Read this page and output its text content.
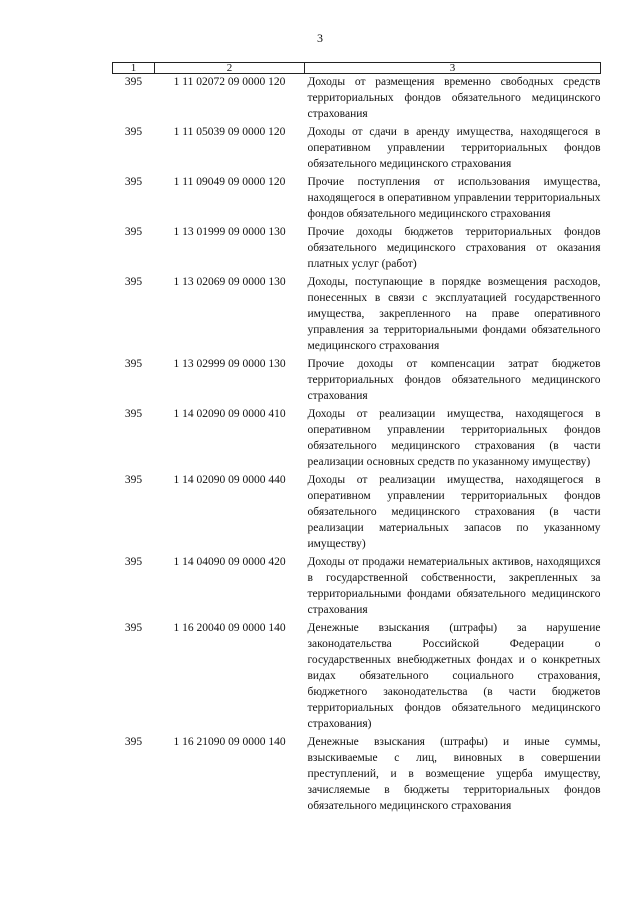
3
1	2	3

395	1 11 02072 09 0000 120	Доходы от размещения временно свободных средств территориальных фондов обязательного медицинского страхования

395	1 11 05039 09 0000 120	Доходы от сдачи в аренду имущества, находящегося в оперативном управлении территориальных фондов обязательного медицинского страхования

395	1 11 09049 09 0000 120	Прочие поступления от использования имущества, находящегося в оперативном управлении территориальных фондов обязательного медицинского страхования

395	1 13 01999 09 0000 130	Прочие доходы бюджетов территориальных фондов обязательного медицинского страхования от оказания платных услуг (работ)

395	1 13 02069 09 0000 130	Доходы, поступающие в порядке возмещения расходов, понесенных в связи с эксплуатацией государственного имущества, закрепленного на праве оперативного управления за территориальными фондами обязательного медицинского страхования

395	1 13 02999 09 0000 130	Прочие доходы от компенсации затрат бюджетов территориальных фондов обязательного медицинского страхования

395	1 14 02090 09 0000 410	Доходы от реализации имущества, находящегося в оперативном управлении территориальных фондов обязательного медицинского страхования (в части реализации основных средств по указанному имуществу)

395	1 14 02090 09 0000 440	Доходы от реализации имущества, находящегося в оперативном управлении территориальных фондов обязательного медицинского страхования (в части реализации материальных запасов по указанному имуществу)

395	1 14 04090 09 0000 420	Доходы от продажи нематериальных активов, находящихся в государственной собственности, закрепленных за территориальными фондами обязательного медицинского страхования

395	1 16 20040 09 0000 140	Денежные взыскания (штрафы) за нарушение законодательства Российской Федерации о государственных внебюджетных фондах и о конкретных видах обязательного социального страхования, бюджетного законодательства (в части бюджетов территориальных фондов обязательного медицинского страхования)

395	1 16 21090 09 0000 140	Денежные взыскания (штрафы) и иные суммы, взыскиваемые с лиц, виновных в совершении преступлений, и в возмещение ущерба имуществу, зачисляемые в бюджеты территориальных фондов обязательного медицинского страхования
